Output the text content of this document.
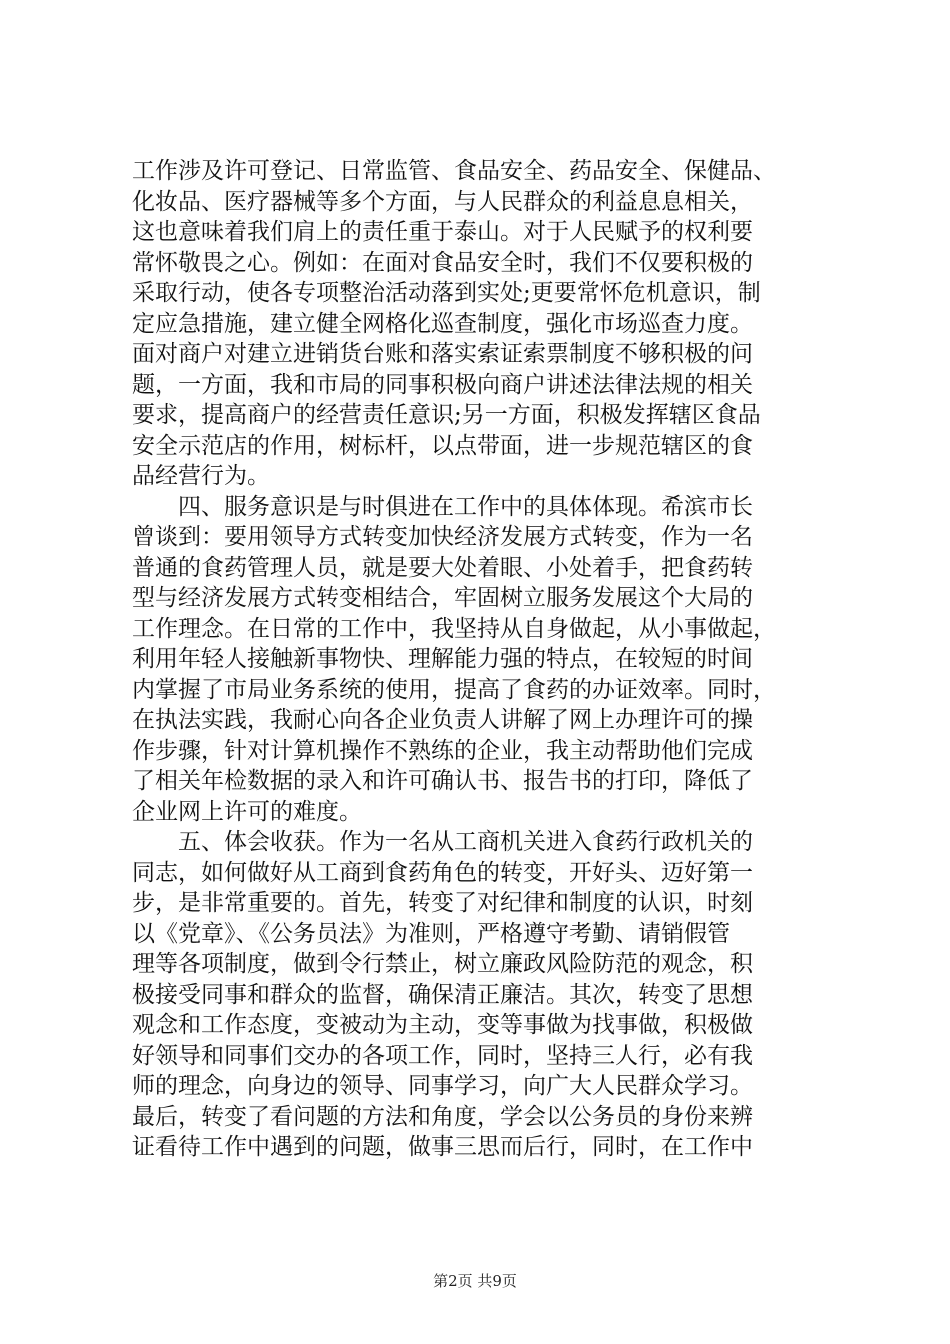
工作涉及许可登记、日常监管、食品安全、药品安全、保健品、
化妆品、医疗器械等多个方面，与人民群众的利益息息相关，
这也意味着我们肩上的责任重于泰山。对于人民赋予的权利要
常怀敬畏之心。例如：在面对食品安全时，我们不仅要积极的
采取行动，使各专项整治活动落到实处;更要常怀危机意识，制
定应急措施，建立健全网格化巡查制度，强化市场巡查力度。
面对商户对建立进销货台账和落实索证索票制度不够积极的问
题，一方面，我和市局的同事积极向商户讲述法律法规的相关
要求，提高商户的经营责任意识;另一方面，积极发挥辖区食品
安全示范店的作用，树标杆，以点带面，进一步规范辖区的食
品经营行为。
　　四、服务意识是与时俱进在工作中的具体体现。希滨市长
曾谈到：要用领导方式转变加快经济发展方式转变，作为一名
普通的食药管理人员，就是要大处着眼、小处着手，把食药转
型与经济发展方式转变相结合，牢固树立服务发展这个大局的
工作理念。在日常的工作中，我坚持从自身做起，从小事做起，
利用年轻人接触新事物快、理解能力强的特点，在较短的时间
内掌握了市局业务系统的使用，提高了食药的办证效率。同时，
在执法实践，我耐心向各企业负责人讲解了网上办理许可的操
作步骤，针对计算机操作不熟练的企业，我主动帮助他们完成
了相关年检数据的录入和许可确认书、报告书的打印，降低了
企业网上许可的难度。
　　五、体会收获。作为一名从工商机关进入食药行政机关的
同志，如何做好从工商到食药角色的转变，开好头、迈好第一
步，是非常重要的。首先，转变了对纪律和制度的认识，时刻
以《党章》、《公务员法》为准则，严格遵守考勤、请销假管
理等各项制度，做到令行禁止，树立廉政风险防范的观念，积
极接受同事和群众的监督，确保清正廉洁。其次，转变了思想
观念和工作态度，变被动为主动，变等事做为找事做，积极做
好领导和同事们交办的各项工作，同时，坚持三人行，必有我
师的理念，向身边的领导、同事学习，向广大人民群众学习。
最后，转变了看问题的方法和角度，学会以公务员的身份来辨
证看待工作中遇到的问题，做事三思而后行，同时，在工作中
第2页 共9页
